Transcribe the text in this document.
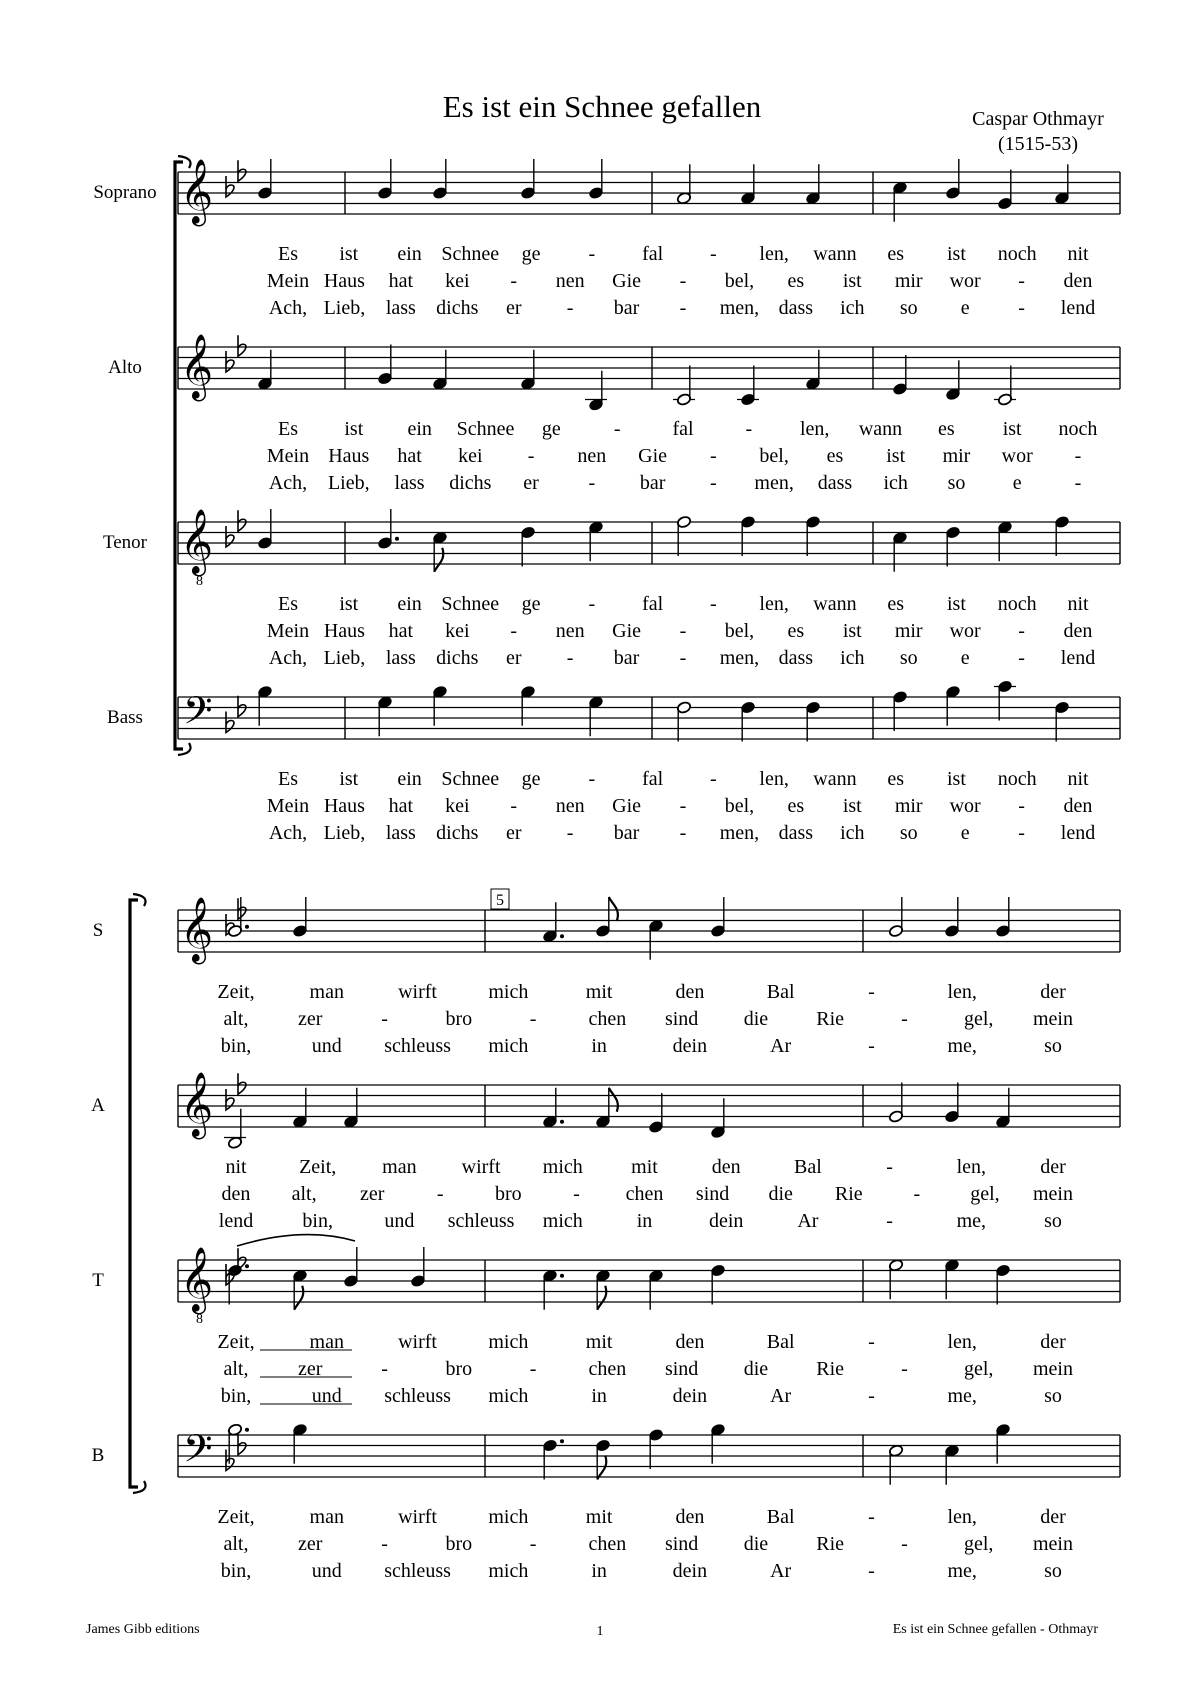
Es ist ein Schnee gefallen	Caspar Othmayr
(1515-53)
5
James Gibb editions	1	Es ist ein Schnee gefallen - Othmayr
𝄞
Soprano
Es ist ein Schnee ge - fal - len, wann es ist noch nit
Mein Haus hat kei - nen Gie - bel, es ist mir wor - den
Ach, Lieb, lass dichs er - bar - men, dass ich so e - lend
𝄞
Alto
Es ist ein Schnee ge	-	fal	- len, wann es ist noch
Mein Haus hat kei - nen Gie - bel, es ist mir wor -
Ach, Lieb, lass dichs er - bar - men, dass ich so e	-
𝄞
8
Tenor
Es ist ein Schnee ge - fal - len, wann es ist noch nit
Mein Haus hat kei - nen Gie - bel, es ist mir wor - den
Ach, Lieb, lass dichs er - bar - men, dass ich so e - lend
𝄢
Bass
Es ist ein Schnee ge - fal - len, wann es ist noch nit
Mein Haus hat kei - nen Gie - bel, es ist mir wor - den
Ach, Lieb, lass dichs er - bar - men, dass ich so e - lend
𝄞
S
Zeit,	man	wirft	mich	mit	den	Bal	-	len,	der
alt, zer	-	bro	-	chen sind die Rie	-	gel, mein
bin,	und schleuss mich	in	dein	Ar	-	me,	so
𝄞
A
nit	Zeit, man wirft mich mit	den	Bal	-	len,	der
den alt, zer	-	bro	- chen sind die Rie	-	gel, mein
lend bin,	und schleuss mich	in	dein	Ar	-	me,	so
𝄞
8
T
Zeit,	man	wirft	mich	mit	den	Bal	-	len,	der
alt, zer	-	bro	-	chen sind die Rie	-	gel, mein
bin,	und schleuss mich	in	dein	Ar	-	me,	so
𝄢
B
Zeit,	man	wirft	mich	mit	den	Bal	-	len,	der
alt, zer	-	bro	-	chen sind die Rie	-	gel, mein
bin,	und schleuss mich	in	dein	Ar	-	me,	so
